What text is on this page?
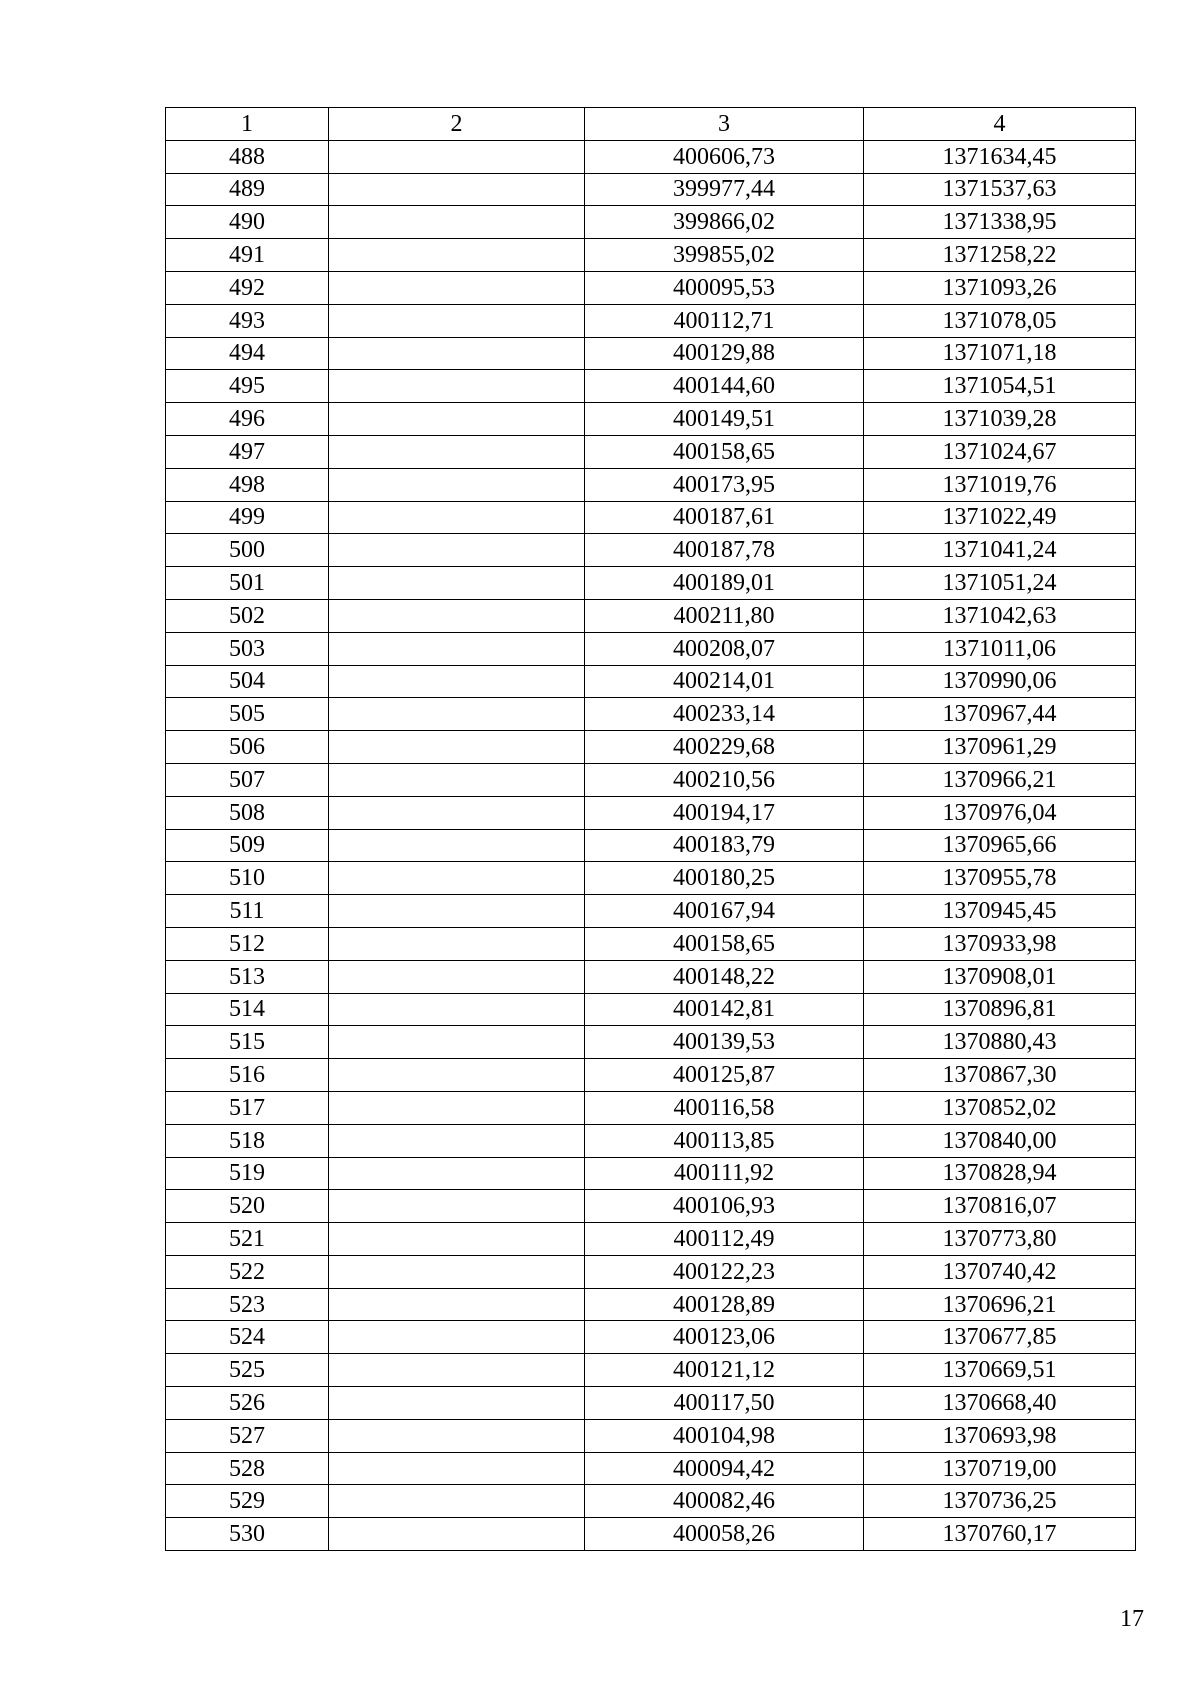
1	2	3	4
488		400606,73	1371634,45
489		399977,44	1371537,63
490		399866,02	1371338,95
491		399855,02	1371258,22
492		400095,53	1371093,26
493		400112,71	1371078,05
494		400129,88	1371071,18
495		400144,60	1371054,51
496		400149,51	1371039,28
497		400158,65	1371024,67
498		400173,95	1371019,76
499		400187,61	1371022,49
500		400187,78	1371041,24
501		400189,01	1371051,24
502		400211,80	1371042,63
503		400208,07	1371011,06
504		400214,01	1370990,06
505		400233,14	1370967,44
506		400229,68	1370961,29
507		400210,56	1370966,21
508		400194,17	1370976,04
509		400183,79	1370965,66
510		400180,25	1370955,78
511		400167,94	1370945,45
512		400158,65	1370933,98
513		400148,22	1370908,01
514		400142,81	1370896,81
515		400139,53	1370880,43
516		400125,87	1370867,30
517		400116,58	1370852,02
518		400113,85	1370840,00
519		400111,92	1370828,94
520		400106,93	1370816,07
521		400112,49	1370773,80
522		400122,23	1370740,42
523		400128,89	1370696,21
524		400123,06	1370677,85
525		400121,12	1370669,51
526		400117,50	1370668,40
527		400104,98	1370693,98
528		400094,42	1370719,00
529		400082,46	1370736,25
530		400058,26	1370760,17
17
